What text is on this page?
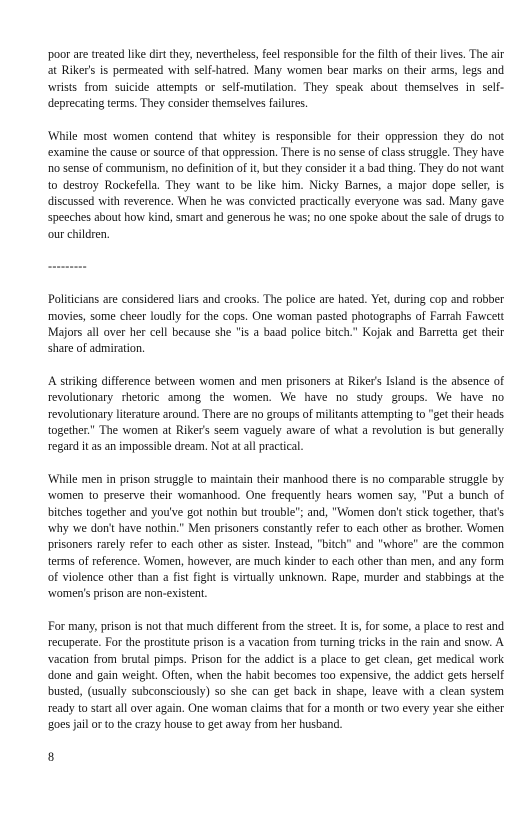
poor are treated like dirt they, nevertheless, feel responsible for the filth of their lives. The air at Riker's is permeated with self-hatred. Many women bear marks on their arms, legs and wrists from suicide attempts or self-mutilation. They speak about themselves in self-deprecating terms. They consider themselves failures.

While most women contend that whitey is responsible for their oppression they do not examine the cause or source of that oppression. There is no sense of class struggle. They have no sense of communism, no definition of it, but they consider it a bad thing. They do not want to destroy Rockefella. They want to be like him. Nicky Barnes, a major dope seller, is discussed with reverence. When he was convicted practically everyone was sad. Many gave speeches about how kind, smart and generous he was; no one spoke about the sale of drugs to our children.

---------

Politicians are considered liars and crooks. The police are hated. Yet, during cop and robber movies, some cheer loudly for the cops. One woman pasted photographs of Farrah Fawcett Majors all over her cell because she "is a baad police bitch." Kojak and Barretta get their share of admiration.

A striking difference between women and men prisoners at Riker's Island is the absence of revolutionary rhetoric among the women. We have no study groups. We have no revolutionary literature around. There are no groups of militants attempting to "get their heads together." The women at Riker's seem vaguely aware of what a revolution is but generally regard it as an impossible dream. Not at all practical.

While men in prison struggle to maintain their manhood there is no comparable struggle by women to preserve their womanhood. One frequently hears women say, "Put a bunch of bitches together and you've got nothin but trouble"; and, "Women don't stick together, that's why we don't have nothin." Men prisoners constantly refer to each other as brother. Women prisoners rarely refer to each other as sister. Instead, "bitch" and "whore" are the common terms of reference. Women, however, are much kinder to each other than men, and any form of violence other than a fist fight is virtually unknown. Rape, murder and stabbings at the women's prison are non-existent.

For many, prison is not that much different from the street. It is, for some, a place to rest and recuperate. For the prostitute prison is a vacation from turning tricks in the rain and snow. A vacation from brutal pimps. Prison for the addict is a place to get clean, get medical work done and gain weight. Often, when the habit becomes too expensive, the addict gets herself busted, (usually subconsciously) so she can get back in shape, leave with a clean system ready to start all over again. One woman claims that for a month or two every year she either goes jail or to the crazy house to get away from her husband.

8
